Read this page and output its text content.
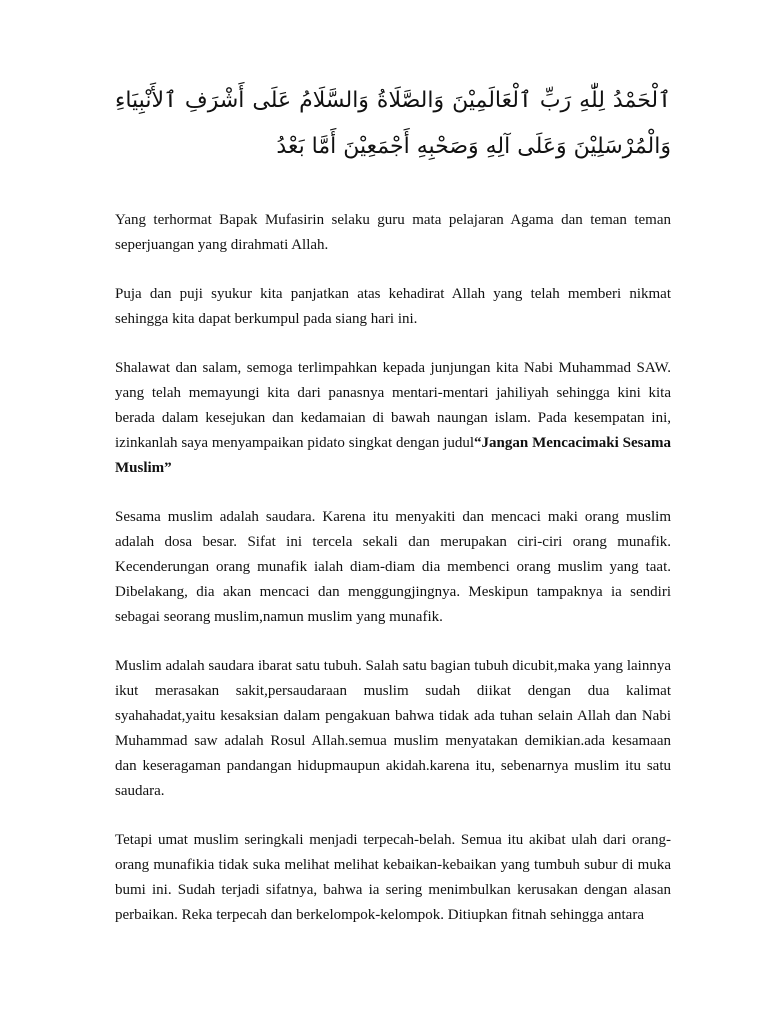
ٱلْحَمْدُ لِلّٰهِ رَبِّ ٱلْعَالَمِيْنَ وَالصَّلَاةُ وَالسَّلَامُ عَلَى أَشْرَفِ ٱلأَنْبِيَاءِ وَالْمُرْسَلِيْنَ وَعَلَى آلِهِ وَصَحْبِهِ أَجْمَعِيْنَ أَمَّا بَعْدُ

Yang terhormat Bapak Mufasirin selaku guru mata pelajaran Agama dan teman teman seperjuangan yang dirahmati Allah.

Puja dan puji syukur kita panjatkan atas kehadirat Allah yang telah memberi nikmat sehingga kita dapat berkumpul pada siang hari ini.

Shalawat dan salam, semoga terlimpahkan kepada junjungan kita Nabi Muhammad SAW. yang telah memayungi kita dari panasnya mentari-mentari jahiliyah sehingga kini kita berada dalam kesejukan dan kedamaian di bawah naungan islam. Pada kesempatan ini, izinkanlah saya menyampaikan pidato singkat dengan judul“Jangan Mencacimaki Sesama Muslim”

Sesama muslim adalah saudara. Karena itu menyakiti dan mencaci maki orang muslim adalah dosa besar. Sifat ini tercela sekali dan merupakan ciri-ciri orang munafik. Kecenderungan orang munafik ialah diam-diam dia membenci orang muslim yang taat. Dibelakang, dia akan mencaci dan menggungjingnya. Meskipun tampaknya ia sendiri sebagai seorang muslim,namun muslim yang munafik.

Muslim adalah saudara ibarat satu tubuh. Salah satu bagian tubuh dicubit,maka yang lainnya ikut merasakan sakit,persaudaraan muslim sudah diikat dengan dua kalimat syahahadat,yaitu kesaksian dalam pengakuan bahwa tidak ada tuhan selain Allah dan Nabi Muhammad saw adalah Rosul Allah.semua muslim menyatakan demikian.ada kesamaan dan keseragaman pandangan hidupmaupun akidah.karena itu, sebenarnya muslim itu satu saudara.

Tetapi umat muslim seringkali menjadi terpecah-belah. Semua itu akibat ulah dari orang-orang munafikia tidak suka melihat melihat kebaikan-kebaikan yang tumbuh subur di muka bumi ini. Sudah terjadi sifatnya, bahwa ia sering menimbulkan kerusakan dengan alasan perbaikan. Reka terpecah dan berkelompok-kelompok. Ditiupkan fitnah sehingga antara
